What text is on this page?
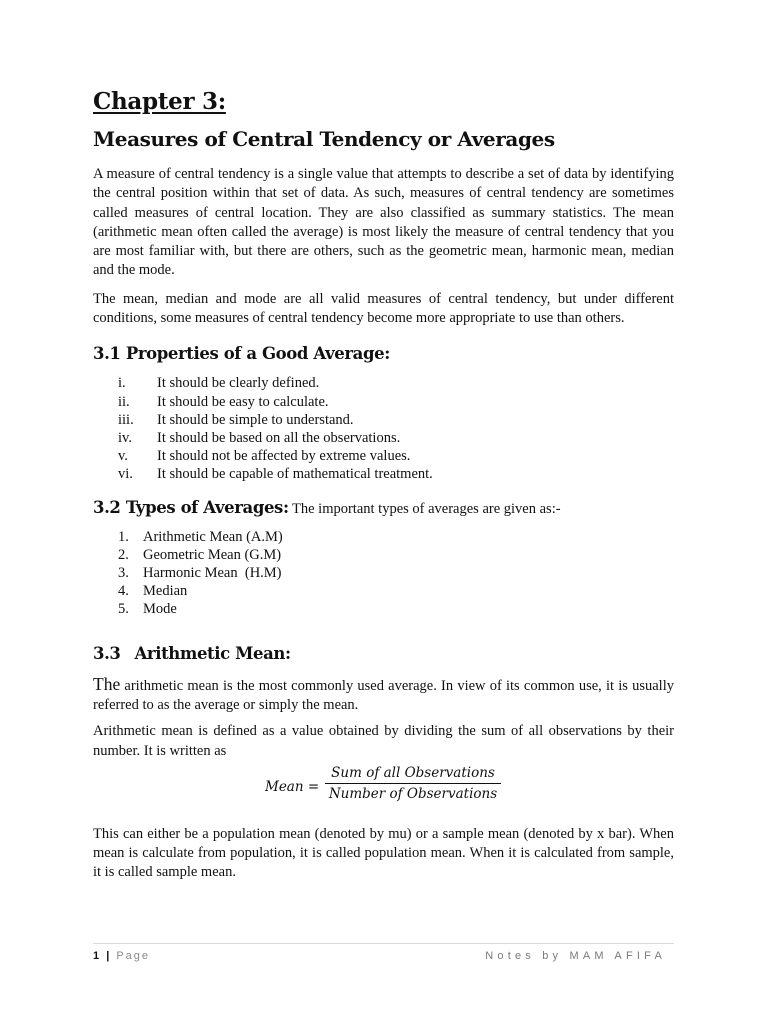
Chapter 3:
Measures of Central Tendency or Averages

A measure of central tendency is a single value that attempts to describe a set of data by identifying the central position within that set of data. As such, measures of central tendency are sometimes called measures of central location. They are also classified as summary statistics. The mean (arithmetic mean often called the average) is most likely the measure of central tendency that you are most familiar with, but there are others, such as the geometric mean, harmonic mean, median and the mode.

The mean, median and mode are all valid measures of central tendency, but under different conditions, some measures of central tendency become more appropriate to use than others.

3.1 Properties of a Good Average:
i.	It should be clearly defined.
ii.	It should be easy to calculate.
iii.	It should be simple to understand.
iv.	It should be based on all the observations.
v.	It should not be affected by extreme values.
vi.	It should be capable of mathematical treatment.
3.2 Types of Averages: The important types of averages are given as:-
1. Arithmetic Mean (A.M)
2. Geometric Mean (G.M)
3. Harmonic Mean  (H.M)
4. Median
5. Mode
3.3 Arithmetic Mean:

The arithmetic mean is the most commonly used average. In view of its common use, it is usually referred to as the average or simply the mean.

Arithmetic mean is defined as a value obtained by dividing the sum of all observations by their number. It is written as

Mean =
Sum of all Observations
Number of Observations

This can either be a population mean (denoted by mu) or a sample mean (denoted by x bar). When mean is calculate from population, it is called population mean. When it is calculated from sample, it is called sample mean.

1 | Page	Notes by MAM AFIFA
